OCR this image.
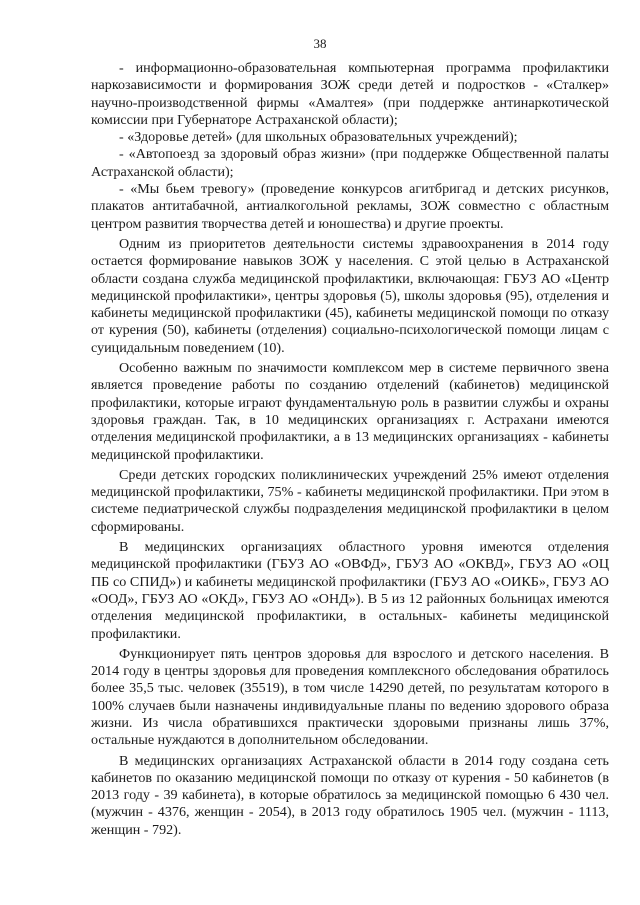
38

- информационно-образовательная компьютерная программа профилактики наркозависимости и формирования ЗОЖ среди детей и подростков - «Сталкер» научно-производственной фирмы «Амалтея» (при поддержке антинаркотической комиссии при Губернаторе Астраханской области);

- «Здоровье детей» (для школьных образовательных учреждений);

- «Автопоезд за здоровый образ жизни» (при поддержке Общественной палаты Астраханской области);

- «Мы бьем тревогу» (проведение конкурсов агитбригад и детских рисунков, плакатов антитабачной, антиалкогольной рекламы, ЗОЖ совместно с областным центром развития творчества детей и юношества) и другие проекты.

Одним из приоритетов деятельности системы здравоохранения в 2014 году остается формирование навыков ЗОЖ у населения. С этой целью в Астраханской области создана служба медицинской профилактики, включающая: ГБУЗ АО «Центр медицинской профилактики», центры здоровья (5), школы здоровья (95), отделения и кабинеты медицинской профилактики (45), кабинеты медицинской помощи по отказу от курения (50), кабинеты (отделения) социально-психологической помощи лицам с суицидальным поведением (10).

Особенно важным по значимости комплексом мер в системе первичного звена является проведение работы по созданию отделений (кабинетов) медицинской профилактики, которые играют фундаментальную роль в развитии службы и охраны здоровья граждан. Так, в 10 медицинских организациях г. Астрахани имеются отделения медицинской профилактики, а в 13 медицинских организациях - кабинеты медицинской профилактики.

Среди детских городских поликлинических учреждений 25% имеют отделения медицинской профилактики, 75% - кабинеты медицинской профилактики. При этом в системе педиатрической службы подразделения медицинской профилактики в целом сформированы.

В медицинских организациях областного уровня имеются отделения медицинской профилактики (ГБУЗ АО «ОВФД», ГБУЗ АО «ОКВД», ГБУЗ АО «ОЦ ПБ со СПИД») и кабинеты медицинской профилактики (ГБУЗ АО «ОИКБ», ГБУЗ АО «ООД», ГБУЗ АО «ОКД», ГБУЗ АО «ОНД»). В 5 из 12 районных больницах имеются отделения медицинской профилактики, в остальных- кабинеты медицинской профилактики.

Функционирует пять центров здоровья для взрослого и детского населения. В 2014 году в центры здоровья для проведения комплексного обследования обратилось более 35,5 тыс. человек (35519), в том числе 14290 детей, по результатам которого в 100% случаев были назначены индивидуальные планы по ведению здорового образа жизни. Из числа обратившихся практически здоровыми признаны лишь 37%, остальные нуждаются в дополнительном обследовании.

В медицинских организациях Астраханской области в 2014 году создана сеть кабинетов по оказанию медицинской помощи по отказу от курения - 50 кабинетов (в 2013 году - 39 кабинета), в которые обратилось за медицинской помощью 6 430 чел. (мужчин - 4376, женщин - 2054), в 2013 году обратилось 1905 чел. (мужчин - 1113, женщин - 792).
